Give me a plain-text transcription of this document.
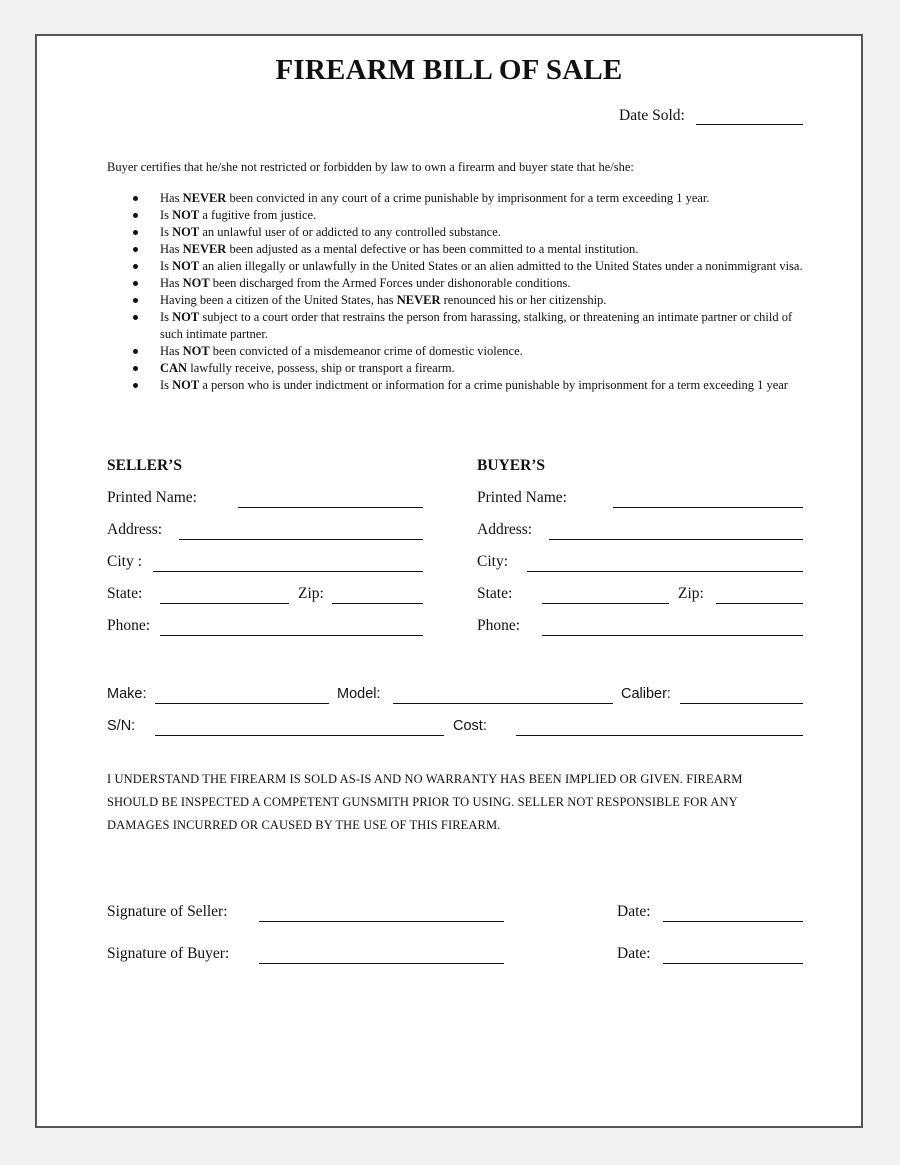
FIREARM BILL OF SALE
Date Sold:
Buyer certifies that he/she not restricted or forbidden by law to own a firearm and buyer state that he/she:
Has NEVER been convicted in any court of a crime punishable by imprisonment for a term exceeding 1 year.
Is NOT a fugitive from justice.
Is NOT an unlawful user of or addicted to any controlled substance.
Has NEVER been adjusted as a mental defective or has been committed to a mental institution.
Is NOT an alien illegally or unlawfully in the United States or an alien admitted to the United States under a nonimmigrant visa.
Has NOT been discharged from the Armed Forces under dishonorable conditions.
Having been a citizen of the United States, has NEVER renounced his or her citizenship.
Is NOT subject to a court order that restrains the person from harassing, stalking, or threatening an intimate partner or child of such intimate partner.
Has NOT been convicted of a misdemeanor crime of domestic violence.
CAN lawfully receive, possess, ship or transport a firearm.
Is NOT a person who is under indictment or information for a crime punishable by imprisonment for a term exceeding 1 year
SELLER’S
Printed Name:
Address:
City :
State:	Zip:
Phone:
BUYER’S
Printed Name:
Address:
City:
State:	Zip:
Phone:
Make:	Model:	Caliber:
S/N:	Cost:
I UNDERSTAND THE FIREARM IS SOLD AS-IS AND NO WARRANTY HAS BEEN IMPLIED OR GIVEN. FIREARM SHOULD BE INSPECTED A COMPETENT GUNSMITH PRIOR TO USING. SELLER NOT RESPONSIBLE FOR ANY DAMAGES INCURRED OR CAUSED BY THE USE OF THIS FIREARM.
Signature of Seller:	Date:
Signature of Buyer:	Date:
